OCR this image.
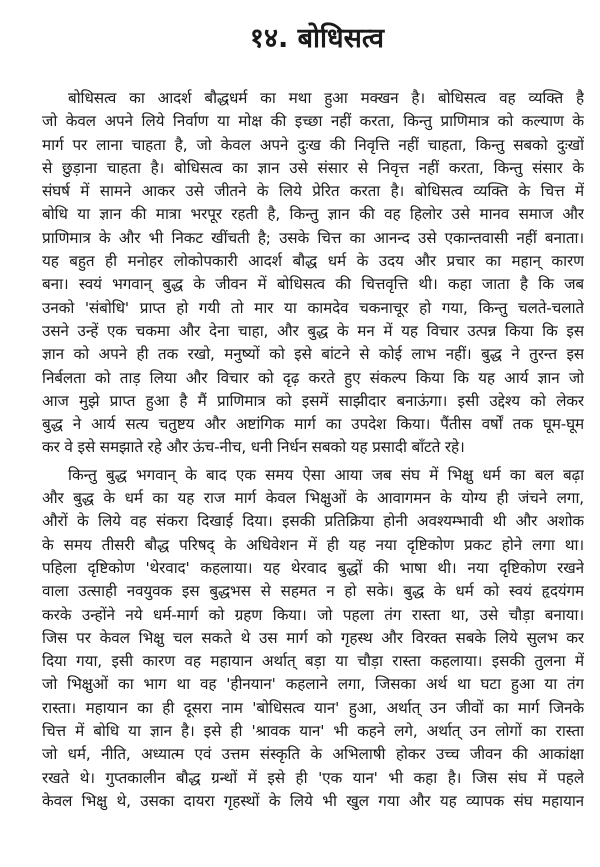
१४. बोधिसत्व
बोधिसत्व का आदर्श बौद्धधर्म का मथा हुआ मक्खन है। बोधिसत्व वह व्यक्ति है
जो केवल अपने लिये निर्वाण या मोक्ष की इच्छा नहीं करता, किन्तु प्राणिमात्र को कल्याण के
मार्ग पर लाना चाहता है, जो केवल अपने दुःख की निवृत्ति नहीं चाहता, किन्तु सबको दुःखों
से छुड़ाना चाहता है। बोधिसत्व का ज्ञान उसे संसार से निवृत्त नहीं करता, किन्तु संसार के
संघर्ष में सामने आकर उसे जीतने के लिये प्रेरित करता है। बोधिसत्व व्यक्ति के चित्त में
बोधि या ज्ञान की मात्रा भरपूर रहती है, किन्तु ज्ञान की वह हिलोर उसे मानव समाज और
प्राणिमात्र के और भी निकट खींचती है; उसके चित्त का आनन्द उसे एकान्तवासी नहीं बनाता।
यह बहुत ही मनोहर लोकोपकारी आदर्श बौद्ध धर्म के उदय और प्रचार का महान् कारण
बना। स्वयं भगवान् बुद्ध के जीवन में बोधिसत्व की चित्तवृत्ति थी। कहा जाता है कि जब
उनको 'संबोधि' प्राप्त हो गयी तो मार या कामदेव चकनाचूर हो गया, किन्तु चलते-चलाते
उसने उन्हें एक चकमा और देना चाहा, और बुद्ध के मन में यह विचार उत्पन्न किया कि इस
ज्ञान को अपने ही तक रखो, मनुष्यों को इसे बांटने से कोई लाभ नहीं। बुद्ध ने तुरन्त इस
निर्बलता को ताड़ लिया और विचार को दृढ़ करते हुए संकल्प किया कि यह आर्य ज्ञान जो
आज मुझे प्राप्त हुआ है मैं प्राणिमात्र को इसमें साझीदार बनाऊंगा। इसी उद्देश्य को लेकर
बुद्ध ने आर्य सत्य चतुष्टय और अष्टांगिक मार्ग का उपदेश किया। पैंतीस वर्षों तक घूम-घूम
कर वे इसे समझाते रहे और ऊंच-नीच, धनी निर्धन सबको यह प्रसादी बाँटते रहे।
किन्तु बुद्ध भगवान् के बाद एक समय ऐसा आया जब संघ में भिक्षु धर्म का बल बढ़ा
और बुद्ध के धर्म का यह राज मार्ग केवल भिक्षुओं के आवागमन के योग्य ही जंचने लगा,
औरों के लिये वह संकरा दिखाई दिया। इसकी प्रतिक्रिया होनी अवश्यम्भावी थी और अशोक
के समय तीसरी बौद्ध परिषद् के अधिवेशन में ही यह नया दृष्टिकोण प्रकट होने लगा था।
पहिला दृष्टिकोण 'थेरवाद' कहलाया। यह थेरवाद बुद्धों की भाषा थी। नया दृष्टिकोण रखने
वाला उत्साही नवयुवक इस बुद्धभस से सहमत न हो सके। बुद्ध के धर्म को स्वयं हृदयंगम
करके उन्होंने नये धर्म-मार्ग को ग्रहण किया। जो पहला तंग रास्ता था, उसे चौड़ा बनाया।
जिस पर केवल भिक्षु चल सकते थे उस मार्ग को गृहस्थ और विरक्त सबके लिये सुलभ कर
दिया गया, इसी कारण वह महायान अर्थात् बड़ा या चौड़ा रास्ता कहलाया। इसकी तुलना में
जो भिक्षुओं का भाग था वह 'हीनयान' कहलाने लगा, जिसका अर्थ था घटा हुआ या तंग
रास्ता। महायान का ही दूसरा नाम 'बोधिसत्व यान' हुआ, अर्थात् उन जीवों का मार्ग जिनके
चित्त में बोधि या ज्ञान है। इसे ही 'श्रावक यान' भी कहने लगे, अर्थात् उन लोगों का रास्ता
जो धर्म, नीति, अध्यात्म एवं उत्तम संस्कृति के अभिलाषी होकर उच्च जीवन की आकांक्षा
रखते थे। गुप्तकालीन बौद्ध ग्रन्थों में इसे ही 'एक यान' भी कहा है। जिस संघ में पहले
केवल भिक्षु थे, उसका दायरा गृहस्थों के लिये भी खुल गया और यह व्यापक संघ महायान
